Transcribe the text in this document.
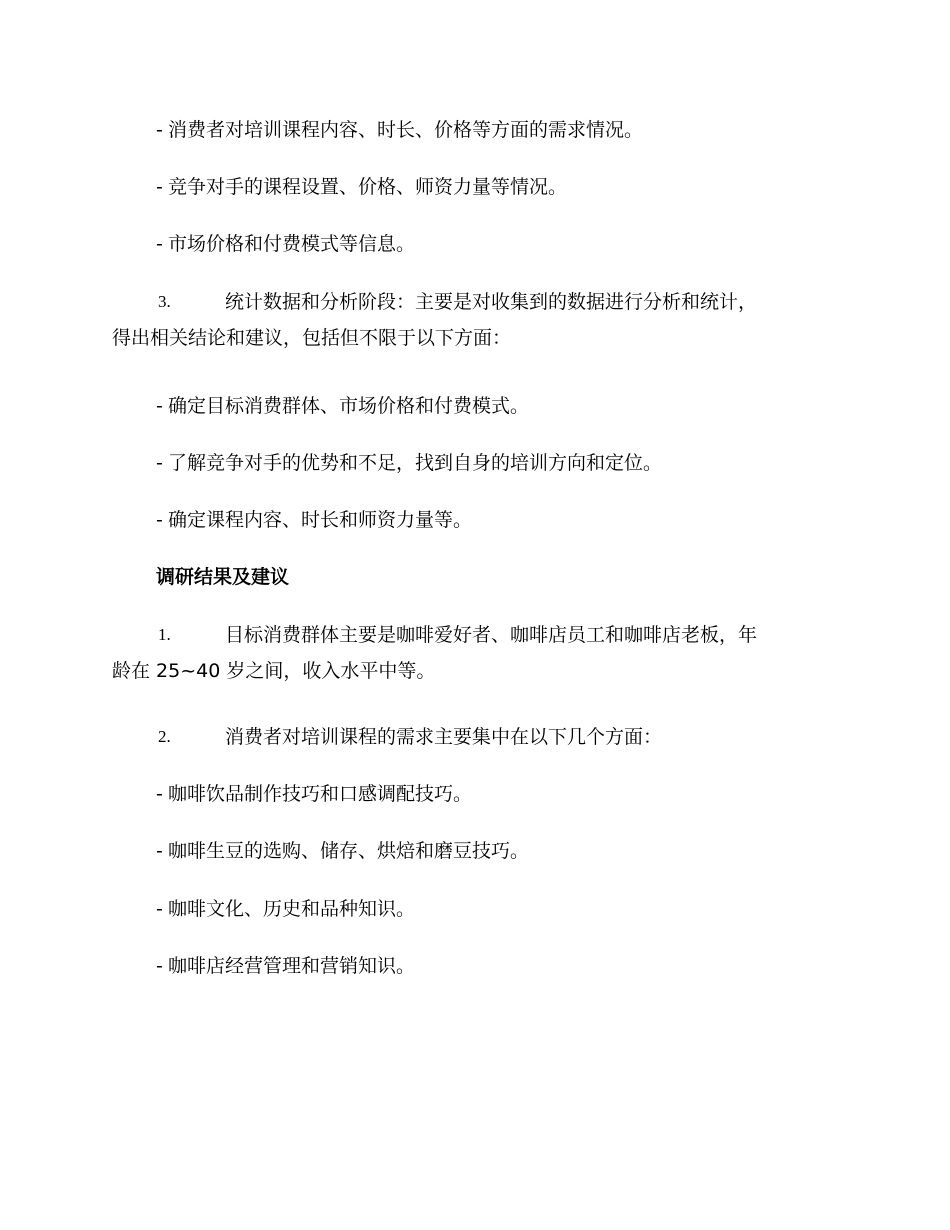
- 消费者对培训课程内容、时长、价格等方面的需求情况。
- 竞争对手的课程设置、价格、师资力量等情况。
- 市场价格和付费模式等信息。
3.	统计数据和分析阶段：主要是对收集到的数据进行分析和统计，
得出相关结论和建议，包括但不限于以下方面：
- 确定目标消费群体、市场价格和付费模式。
- 了解竞争对手的优势和不足，找到自身的培训方向和定位。
- 确定课程内容、时长和师资力量等。
调研结果及建议
1.	目标消费群体主要是咖啡爱好者、咖啡店员工和咖啡店老板，年
龄在 25~40 岁之间，收入水平中等。
2.	消费者对培训课程的需求主要集中在以下几个方面：
- 咖啡饮品制作技巧和口感调配技巧。
- 咖啡生豆的选购、储存、烘焙和磨豆技巧。
- 咖啡文化、历史和品种知识。
- 咖啡店经营管理和营销知识。
